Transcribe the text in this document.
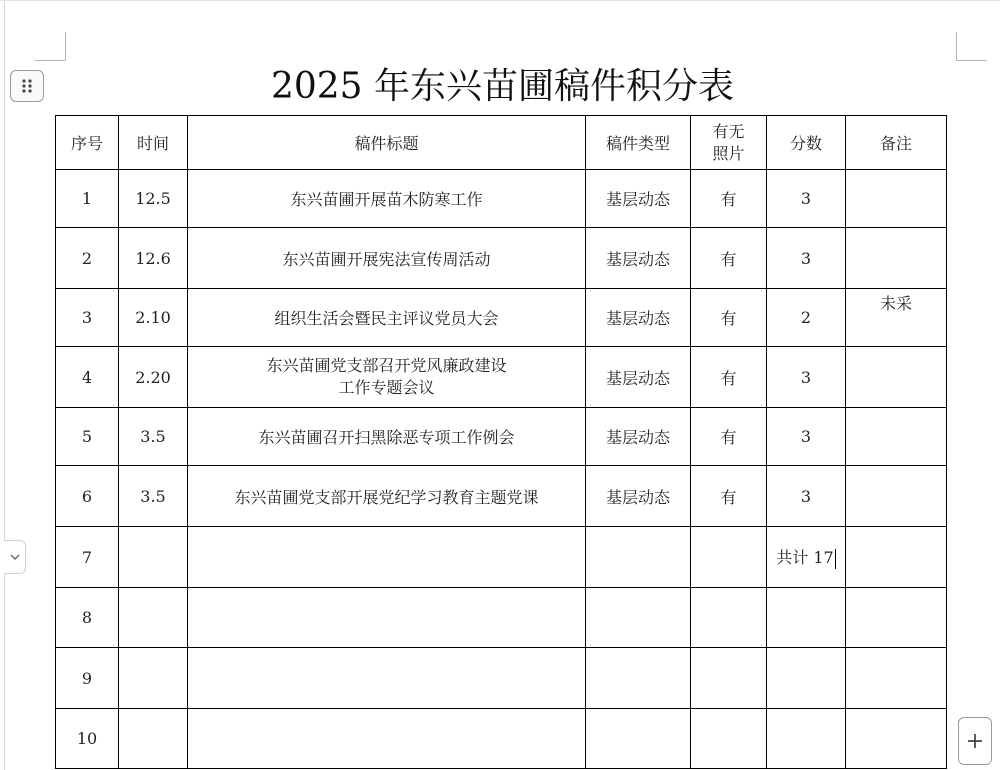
2025 年东兴苗圃稿件积分表
序号	时间	稿件标题	稿件类型	有无
照片	分数	备注
1	12.5	东兴苗圃开展苗木防寒工作	基层动态	有	3	
2	12.6	东兴苗圃开展宪法宣传周活动	基层动态	有	3	
3	2.10	组织生活会暨民主评议党员大会	基层动态	有	2	未采
4	2.20	东兴苗圃党支部召开党风廉政建设
工作专题会议	基层动态	有	3	
5	3.5	东兴苗圃召开扫黑除恶专项工作例会	基层动态	有	3	
6	3.5	东兴苗圃党支部开展党纪学习教育主题党课	基层动态	有	3	
7					共计 17	
8						
9						
10						
